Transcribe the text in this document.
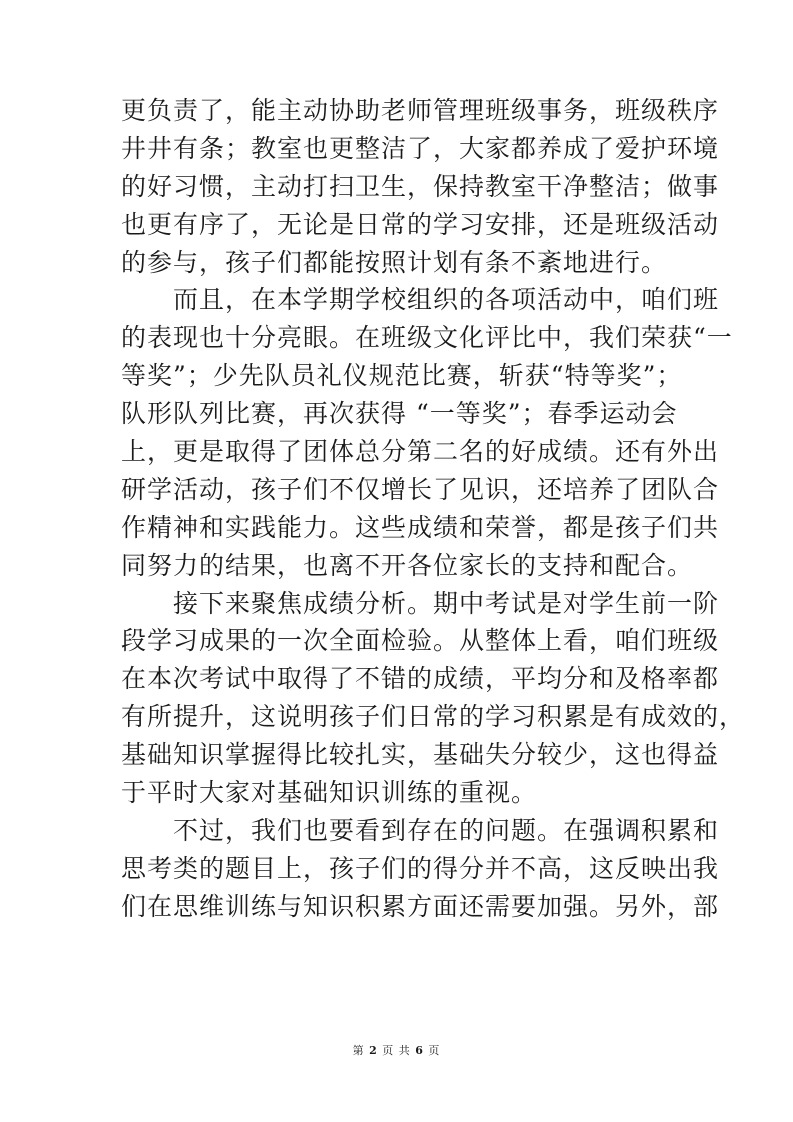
更负责了，能主动协助老师管理班级事务，班级秩序
井井有条；教室也更整洁了，大家都养成了爱护环境
的好习惯，主动打扫卫生，保持教室干净整洁；做事
也更有序了，无论是日常的学习安排，还是班级活动
的参与，孩子们都能按照计划有条不紊地进行。
　　而且，在本学期学校组织的各项活动中，咱们班
的表现也十分亮眼。在班级文化评比中，我们荣获“一
等奖”；少先队员礼仪规范比赛，斩获“特等奖”；
队形队列比赛，再次获得 “一等奖”；春季运动会
上，更是取得了团体总分第二名的好成绩。还有外出
研学活动，孩子们不仅增长了见识，还培养了团队合
作精神和实践能力。这些成绩和荣誉，都是孩子们共
同努力的结果，也离不开各位家长的支持和配合。
　　接下来聚焦成绩分析。期中考试是对学生前一阶
段学习成果的一次全面检验。从整体上看，咱们班级
在本次考试中取得了不错的成绩，平均分和及格率都
有所提升，这说明孩子们日常的学习积累是有成效的，
基础知识掌握得比较扎实，基础失分较少，这也得益
于平时大家对基础知识训练的重视。
　　不过，我们也要看到存在的问题。在强调积累和
思考类的题目上，孩子们的得分并不高，这反映出我
们在思维训练与知识积累方面还需要加强。另外，部
第 2 页 共 6 页
